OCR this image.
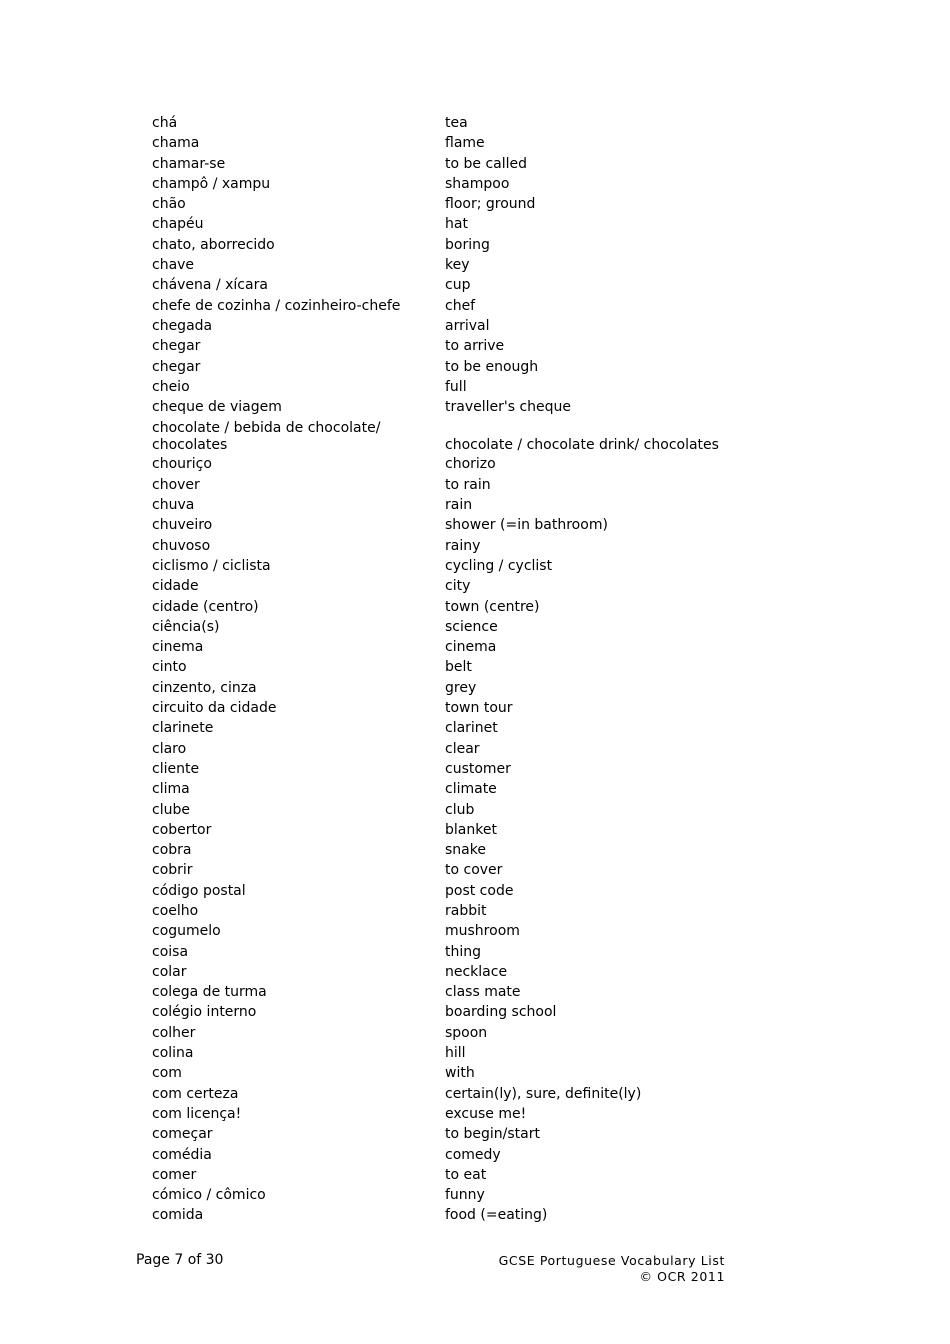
chá	tea
chama	flame
chamar-se	to be called
champô / xampu	shampoo
chão	floor; ground
chapéu	hat
chato, aborrecido	boring
chave	key
chávena / xícara	cup
chefe de cozinha / cozinheiro-chefe	chef
chegada	arrival
chegar	to arrive
chegar	to be enough
cheio	full
cheque de viagem	traveller's cheque
chocolate / bebida de chocolate/ chocolates	chocolate / chocolate drink/ chocolates
chouriço	chorizo
chover	to rain
chuva	rain
chuveiro	shower (=in bathroom)
chuvoso	rainy
ciclismo / ciclista	cycling / cyclist
cidade	city
cidade (centro)	town (centre)
ciência(s)	science
cinema	cinema
cinto	belt
cinzento, cinza	grey
circuito da cidade	town tour
clarinete	clarinet
claro	clear
cliente	customer
clima	climate
clube	club
cobertor	blanket
cobra	snake
cobrir	to cover
código postal	post code
coelho	rabbit
cogumelo	mushroom
coisa	thing
colar	necklace
colega de turma	class mate
colégio interno	boarding school
colher	spoon
colina	hill
com	with
com certeza	certain(ly), sure, definite(ly)
com licença!	excuse me!
começar	to begin/start
comédia	comedy
comer	to eat
cómico / cômico	funny
comida	food (=eating)
Page 7 of 30	GCSE Portuguese Vocabulary List
© OCR 2011
